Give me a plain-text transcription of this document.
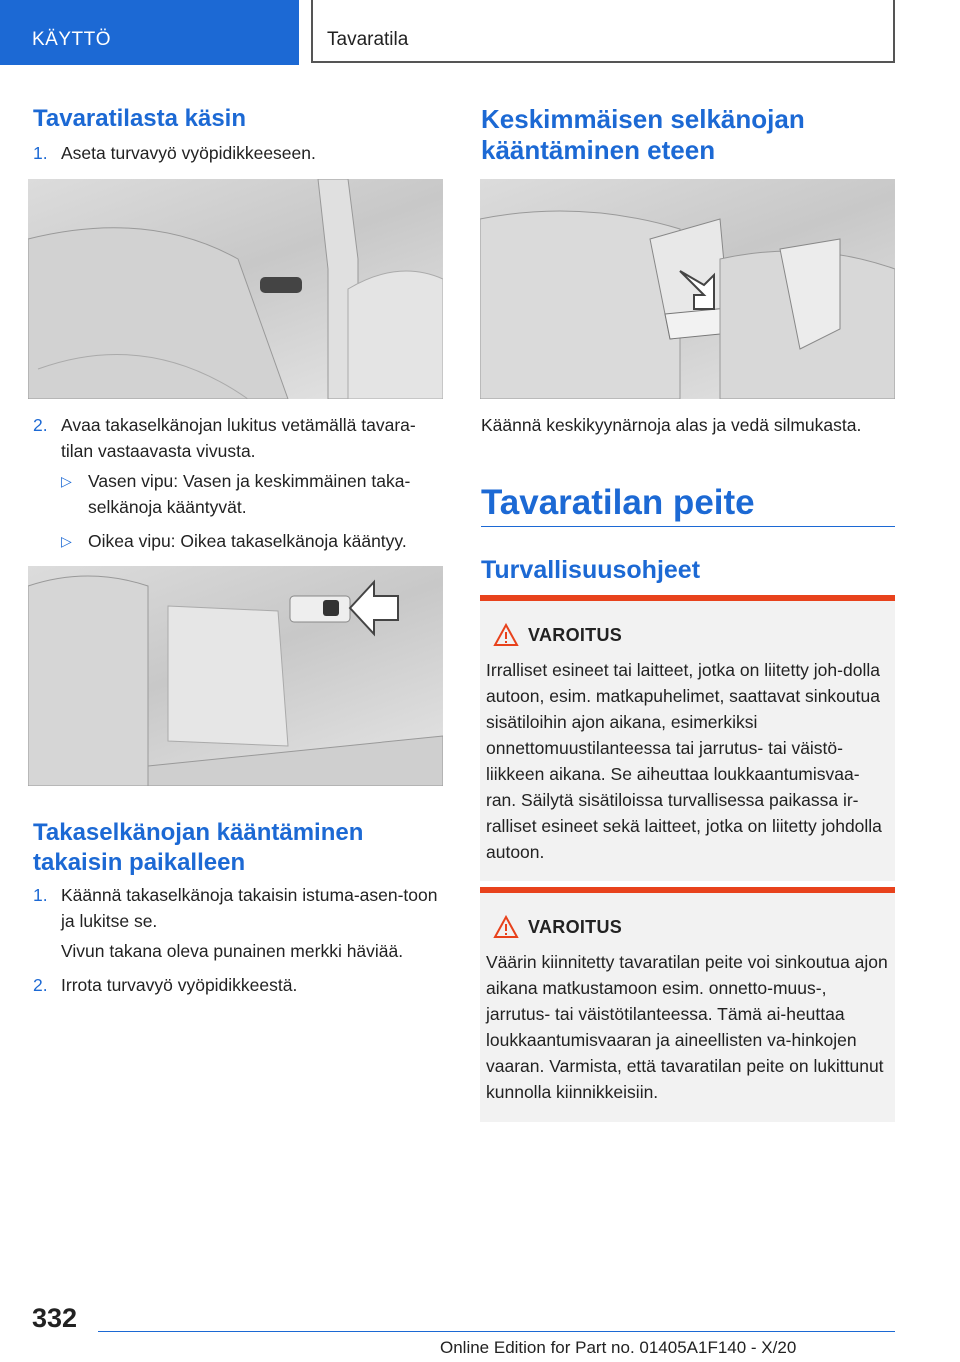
KÄYTTÖ	Tavaratila
Tavaratilasta käsin
1. Aseta turvavyö vyöpidikkeeseen.
2. Avaa takaselkänojan lukitus vetämällä tavara-tilan vastaavasta vivusta.
▷ Vasen vipu: Vasen ja keskimmäinen taka-selkänoja kääntyvät.
▷ Oikea vipu: Oikea takaselkänoja kääntyy.
Takaselkänojan kääntäminen takaisin paikalleen
1. Käännä takaselkänoja takaisin istuma-asen-toon ja lukitse se.
Vivun takana oleva punainen merkki häviää.
2. Irrota turvavyö vyöpidikkeestä.
Keskimmäisen selkänojan kääntäminen eteen
Käännä keskikyynärnoja alas ja vedä silmukasta.
Tavaratilan peite
Turvallisuusohjeet
VAROITUS
Irralliset esineet tai laitteet, jotka on liitetty joh-dolla autoon, esim. matkapuhelimet, saattavat sinkoutua sisätiloihin ajon aikana, esimerkiksi onnettomuustilanteessa tai jarrutus- tai väistö-liikkeen aikana. Se aiheuttaa loukkaantumisvaa-ran. Säilytä sisätiloissa turvallisessa paikassa ir-ralliset esineet sekä laitteet, jotka on liitetty johdolla autoon.
VAROITUS
Väärin kiinnitetty tavaratilan peite voi sinkoutua ajon aikana matkustamoon esim. onnetto-muus-, jarrutus- tai väistötilanteessa. Tämä ai-heuttaa loukkaantumisvaaran ja aineellisten va-hinkojen vaaran. Varmista, että tavaratilan peite on lukittunut kunnolla kiinnikkeisiin.
332
Online Edition for Part no. 01405A1F140 - X/20
